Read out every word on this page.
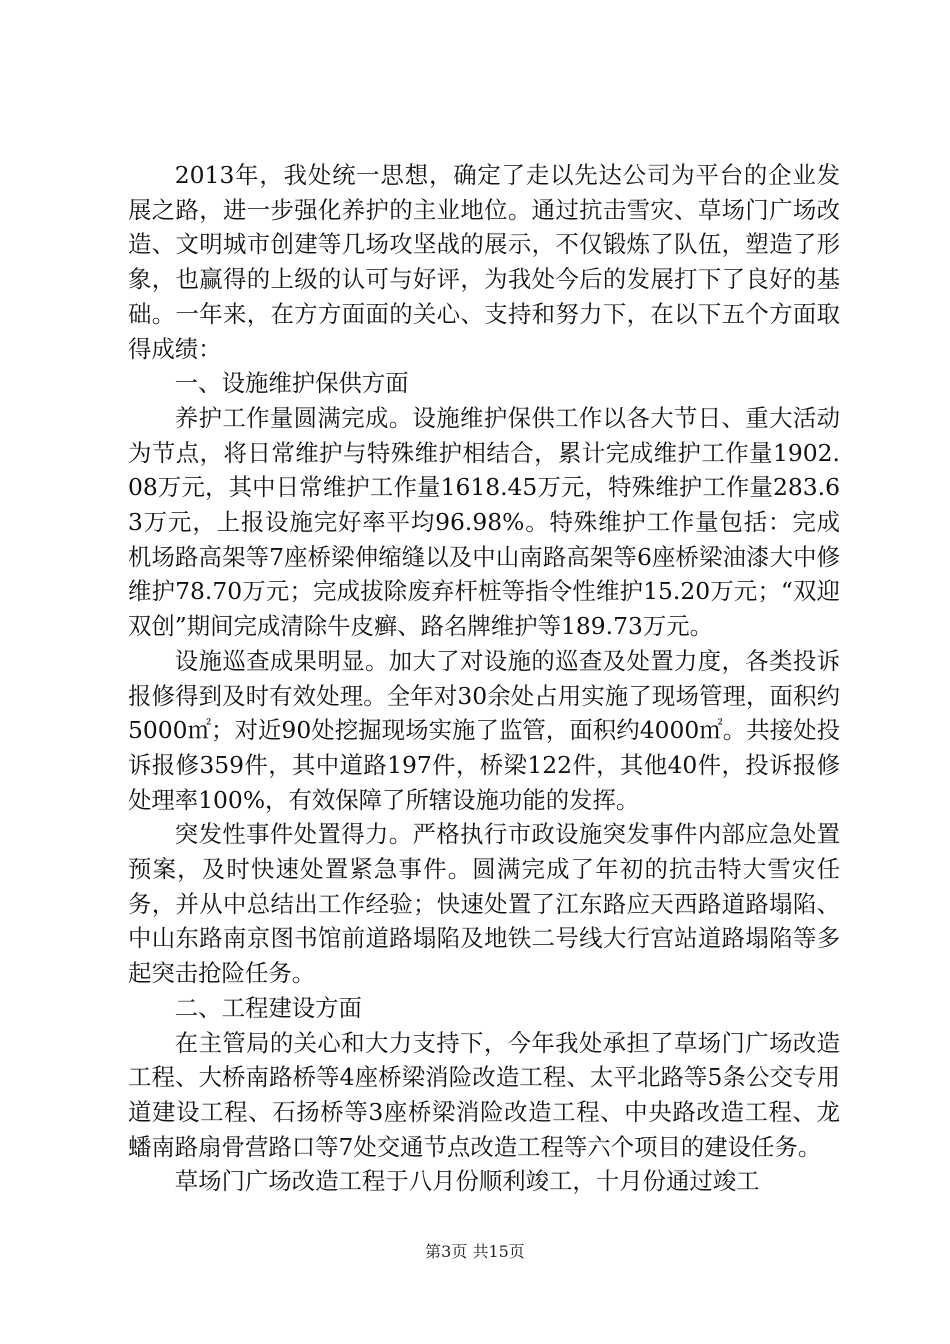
2013年，我处统一思想，确定了走以先达公司为平台的企业发展之路，进一步强化养护的主业地位。通过抗击雪灾、草场门广场改造、文明城市创建等几场攻坚战的展示，不仅锻炼了队伍，塑造了形象，也赢得的上级的认可与好评，为我处今后的发展打下了良好的基础。一年来，在方方面面的关心、支持和努力下，在以下五个方面取得成绩：

一、设施维护保供方面

养护工作量圆满完成。设施维护保供工作以各大节日、重大活动为节点，将日常维护与特殊维护相结合，累计完成维护工作量1902.08万元，其中日常维护工作量1618.45万元，特殊维护工作量283.63万元，上报设施完好率平均96.98%。特殊维护工作量包括：完成机场路高架等7座桥梁伸缩缝以及中山南路高架等6座桥梁油漆大中修维护78.70万元；完成拔除废弃杆桩等指令性维护15.20万元；“双迎双创”期间完成清除牛皮癣、路名牌维护等189.73万元。

设施巡查成果明显。加大了对设施的巡查及处置力度，各类投诉报修得到及时有效处理。全年对30余处占用实施了现场管理，面积约5000㎡；对近90处挖掘现场实施了监管，面积约4000㎡。共接处投诉报修359件，其中道路197件，桥梁122件，其他40件，投诉报修处理率100%，有效保障了所辖设施功能的发挥。

突发性事件处置得力。严格执行市政设施突发事件内部应急处置预案，及时快速处置紧急事件。圆满完成了年初的抗击特大雪灾任务，并从中总结出工作经验；快速处置了江东路应天西路道路塌陷、中山东路南京图书馆前道路塌陷及地铁二号线大行宫站道路塌陷等多起突击抢险任务。

二、工程建设方面

在主管局的关心和大力支持下，今年我处承担了草场门广场改造工程、大桥南路桥等4座桥梁消险改造工程、太平北路等5条公交专用道建设工程、石扬桥等3座桥梁消险改造工程、中央路改造工程、龙蟠南路扇骨营路口等7处交通节点改造工程等六个项目的建设任务。

草场门广场改造工程于八月份顺利竣工，十月份通过竣工

第3页 共15页
